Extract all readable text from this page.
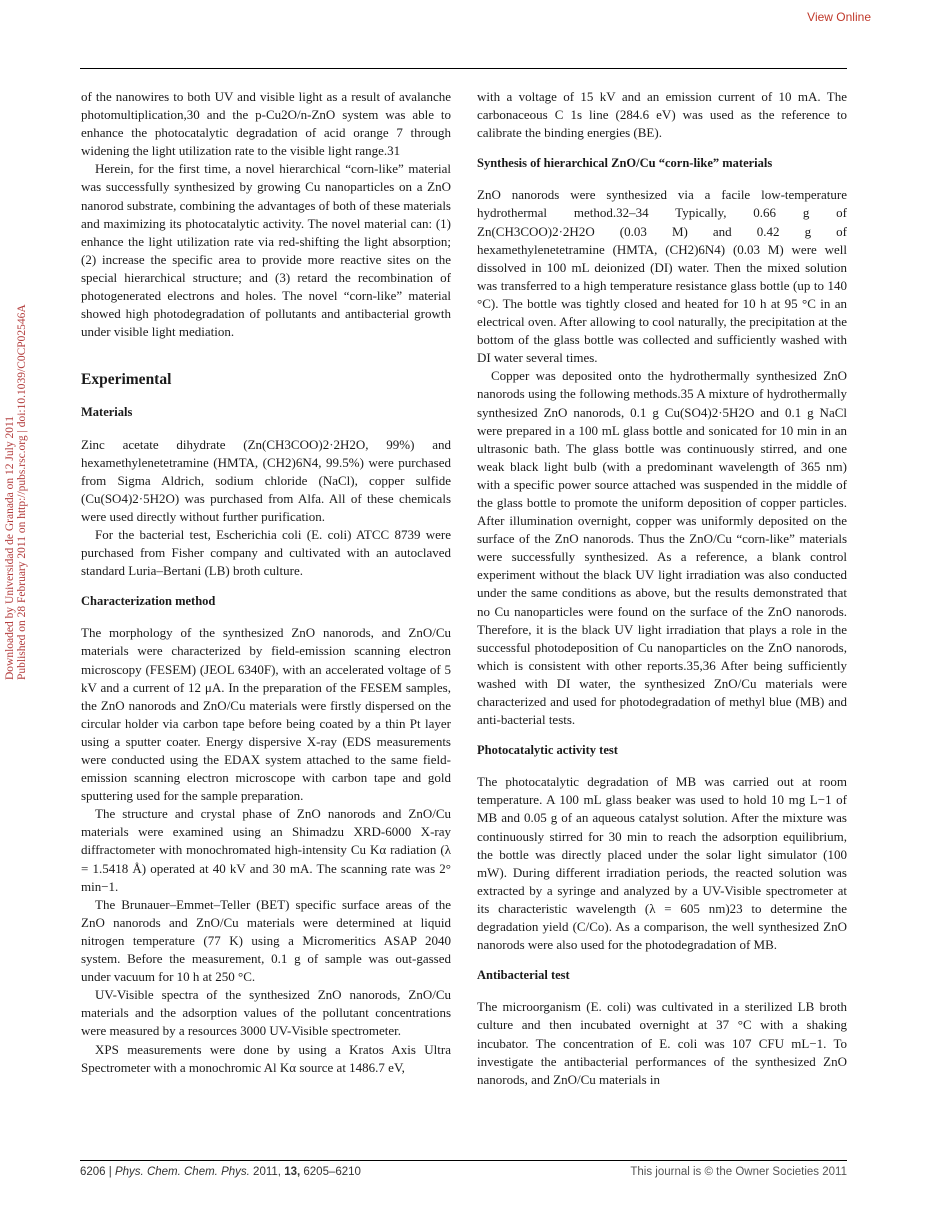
View Online
Downloaded by Universidad de Granada on 12 July 2011 Published on 28 February 2011 on http://pubs.rsc.org | doi:10.1039/C0CP02546A

of the nanowires to both UV and visible light as a result of avalanche photomultiplication,30 and the p-Cu2O/n-ZnO system was able to enhance the photocatalytic degradation of acid orange 7 through widening the light utilization rate to the visible light range.31

Herein, for the first time, a novel hierarchical “corn-like” material was successfully synthesized by growing Cu nanoparticles on a ZnO nanorod substrate, combining the advantages of both of these materials and maximizing its photocatalytic activity. The novel material can: (1) enhance the light utilization rate via red-shifting the light absorption; (2) increase the specific area to provide more reactive sites on the special hierarchical structure; and (3) retard the recombination of photogenerated electrons and holes. The novel “corn-like” material showed high photodegradation of pollutants and antibacterial growth under visible light mediation.

Experimental
Materials

Zinc acetate dihydrate (Zn(CH3COO)2·2H2O, 99%) and hexamethylenetetramine (HMTA, (CH2)6N4, 99.5%) were purchased from Sigma Aldrich, sodium chloride (NaCl), copper sulfide (Cu(SO4)2·5H2O) was purchased from Alfa. All of these chemicals were used directly without further purification.

For the bacterial test, Escherichia coli (E. coli) ATCC 8739 were purchased from Fisher company and cultivated with an autoclaved standard Luria–Bertani (LB) broth culture.

Characterization method

The morphology of the synthesized ZnO nanorods, and ZnO/Cu materials were characterized by field-emission scanning electron microscopy (FESEM) (JEOL 6340F), with an accelerated voltage of 5 kV and a current of 12 μA. In the preparation of the FESEM samples, the ZnO nanorods and ZnO/Cu materials were firstly dispersed on the circular holder via carbon tape before being coated by a thin Pt layer using a sputter coater. Energy dispersive X-ray (EDS measurements were conducted using the EDAX system attached to the same field-emission scanning electron microscope with carbon tape and gold sputtering used for the sample preparation.

The structure and crystal phase of ZnO nanorods and ZnO/Cu materials were examined using an Shimadzu XRD-6000 X-ray diffractometer with monochromated high-intensity Cu Kα radiation (λ = 1.5418 Å) operated at 40 kV and 30 mA. The scanning rate was 2° min−1.

The Brunauer–Emmet–Teller (BET) specific surface areas of the ZnO nanorods and ZnO/Cu materials were determined at liquid nitrogen temperature (77 K) using a Micromeritics ASAP 2040 system. Before the measurement, 0.1 g of sample was out-gassed under vacuum for 10 h at 250 °C.

UV-Visible spectra of the synthesized ZnO nanorods, ZnO/Cu materials and the adsorption values of the pollutant concentrations were measured by a resources 3000 UV-Visible spectrometer.

XPS measurements were done by using a Kratos Axis Ultra Spectrometer with a monochromic Al Kα source at 1486.7 eV,

with a voltage of 15 kV and an emission current of 10 mA. The carbonaceous C 1s line (284.6 eV) was used as the reference to calibrate the binding energies (BE).

Synthesis of hierarchical ZnO/Cu “corn-like” materials

ZnO nanorods were synthesized via a facile low-temperature hydrothermal method.32–34 Typically, 0.66 g of Zn(CH3COO)2·2H2O (0.03 M) and 0.42 g of hexamethylenetetramine (HMTA, (CH2)6N4) (0.03 M) were well dissolved in 100 mL deionized (DI) water. Then the mixed solution was transferred to a high temperature resistance glass bottle (up to 140 °C). The bottle was tightly closed and heated for 10 h at 95 °C in an electrical oven. After allowing to cool naturally, the precipitation at the bottom of the glass bottle was collected and sufficiently washed with DI water several times.

Copper was deposited onto the hydrothermally synthesized ZnO nanorods using the following methods.35 A mixture of hydrothermally synthesized ZnO nanorods, 0.1 g Cu(SO4)2·5H2O and 0.1 g NaCl were prepared in a 100 mL glass bottle and sonicated for 10 min in an ultrasonic bath. The glass bottle was continuously stirred, and one weak black light bulb (with a predominant wavelength of 365 nm) with a specific power source attached was suspended in the middle of the glass bottle to promote the uniform deposition of copper particles. After illumination overnight, copper was uniformly deposited on the surface of the ZnO nanorods. Thus the ZnO/Cu “corn-like” materials were successfully synthesized. As a reference, a blank control experiment without the black UV light irradiation was also conducted under the same conditions as above, but the results demonstrated that no Cu nanoparticles were found on the surface of the ZnO nanorods. Therefore, it is the black UV light irradiation that plays a role in the successful photodeposition of Cu nanoparticles on the ZnO nanorods, which is consistent with other reports.35,36 After being sufficiently washed with DI water, the synthesized ZnO/Cu materials were characterized and used for photodegradation of methyl blue (MB) and anti-bacterial tests.

Photocatalytic activity test

The photocatalytic degradation of MB was carried out at room temperature. A 100 mL glass beaker was used to hold 10 mg L−1 of MB and 0.05 g of an aqueous catalyst solution. After the mixture was continuously stirred for 30 min to reach the adsorption equilibrium, the bottle was directly placed under the solar light simulator (100 mW). During different irradiation periods, the reacted solution was extracted by a syringe and analyzed by a UV-Visible spectrometer at its characteristic wavelength (λ = 605 nm)23 to determine the degradation yield (C/Co). As a comparison, the well synthesized ZnO nanorods were also used for the photodegradation of MB.

Antibacterial test

The microorganism (E. coli) was cultivated in a sterilized LB broth culture and then incubated overnight at 37 °C with a shaking incubator. The concentration of E. coli was 107 CFU mL−1. To investigate the antibacterial performances of the synthesized ZnO nanorods, and ZnO/Cu materials in

6206 | Phys. Chem. Chem. Phys. 2011, 13, 6205–6210	This journal is © the Owner Societies 2011
